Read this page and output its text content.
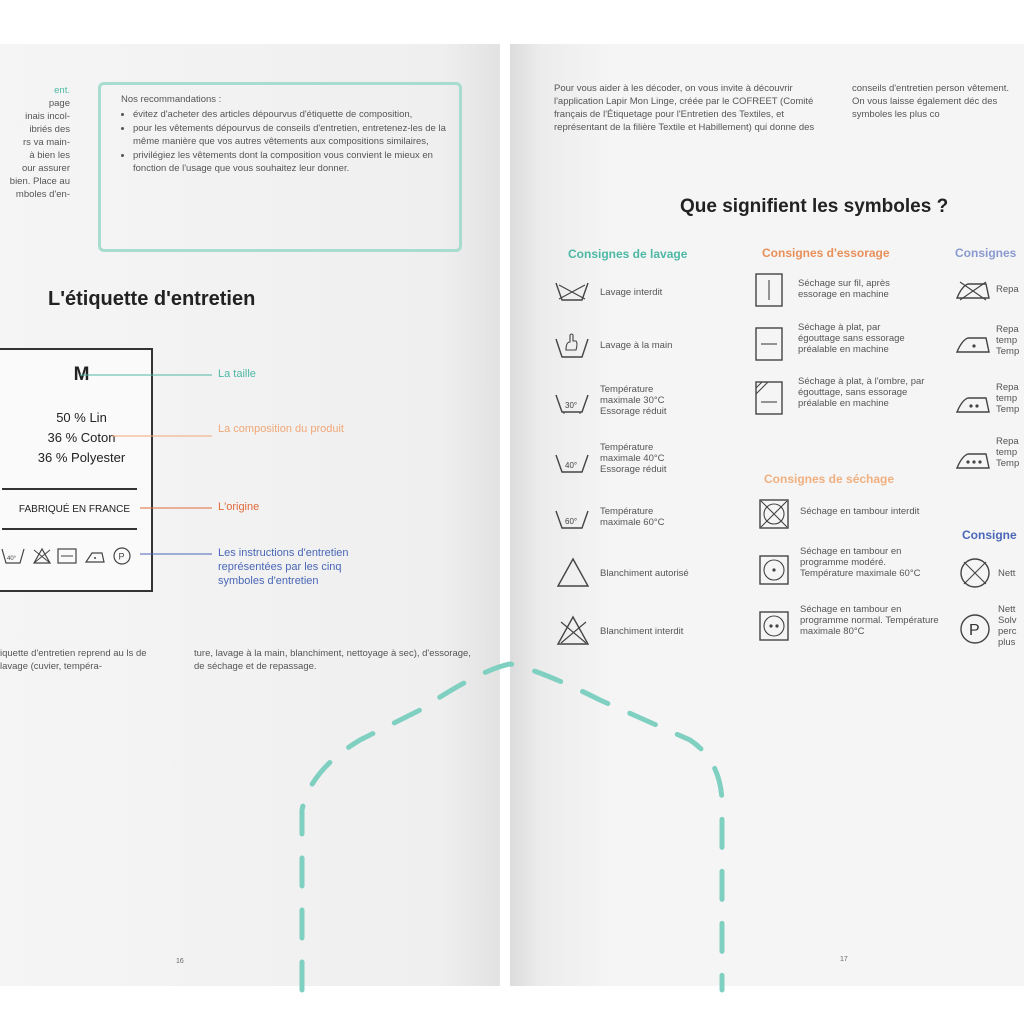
ent.
page
inais incol-
ibriés des
rs va main-
à bien les
our assurer
bien. Place au
mboles d'en-
Nos recommandations :
• évitez d'acheter des articles dépourvus d'étiquette de composition,
• pour les vêtements dépourvus de conseils d'entretien, entretenez-les de la même manière que vos autres vêtements aux compositions similaires,
• privilégiez les vêtements dont la composition vous convient le mieux en fonction de l'usage que vous souhaitez leur donner.
L'étiquette d'entretien
M
50 % Lin
36 % Coton
36 % Polyester
FABRIQUÉ EN FRANCE
40°	P
La taille
La composition du produit
L'origine
Les instructions d'entretien représentées par les cinq symboles d'entretien
iquette d'entretien reprend au ls de lavage (cuvier, tempéra-
ture, lavage à la main, blanchiment, nettoyage à sec), d'essorage, de séchage et de repassage.
16
Pour vous aider à les décoder, on vous invite à découvrir l'application Lapir Mon Linge, créée par le COFREET (Comité français de l'Étiquetage pour l'Entretien des Textiles, et représentant de la filière Textile et Habillement) qui donne des
conseils d'entretien person vêtement. On vous laisse également déc des symboles les plus co
Que signifient les symboles ?
Consignes de lavage	Consignes d'essorage	Consignes
Consignes de séchage
Consigne
Lavage interdit
Lavage à la main
30°
Température maximale 30°C Essorage réduit
40°
Température maximale 40°C Essorage réduit
60°
Température maximale 60°C
Blanchiment autorisé
Blanchiment interdit
Séchage sur fil, après essorage en machine
Séchage à plat, par égouttage sans essorage préalable en machine
Séchage à plat, à l'ombre, par égouttage, sans essorage préalable en machine
Séchage en tambour interdit
Séchage en tambour en programme modéré. Température maximale 60°C
Séchage en tambour en programme normal. Température maximale 80°C
Repa
Repa temp Temp
Repa temp Temp
Repa temp Temp
Nett
P
Nett Solv perc plus
17
